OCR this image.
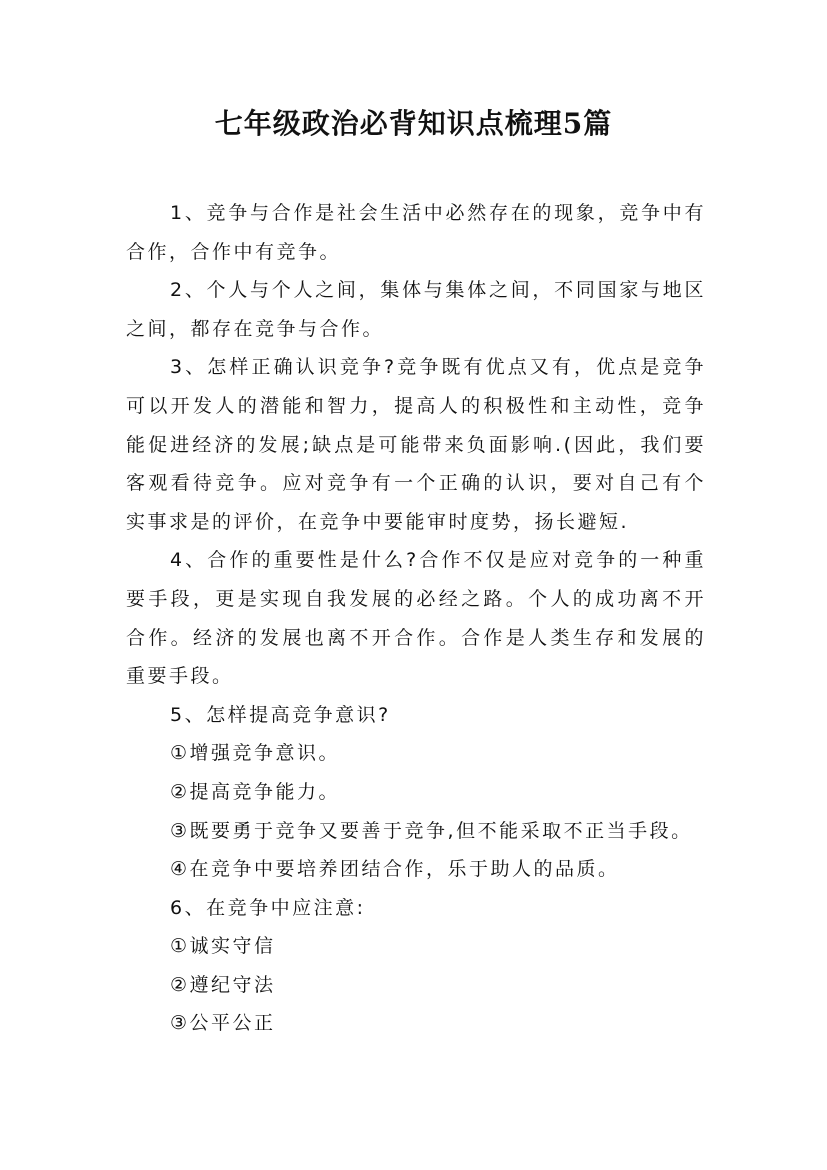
七年级政治必背知识点梳理5篇

1、竞争与合作是社会生活中必然存在的现象，竞争中有合作，合作中有竞争。

2、个人与个人之间，集体与集体之间，不同国家与地区之间，都存在竞争与合作。

3、怎样正确认识竞争?竞争既有优点又有，优点是竞争可以开发人的潜能和智力，提高人的积极性和主动性，竞争能促进经济的发展;缺点是可能带来负面影响.(因此，我们要客观看待竞争。应对竞争有一个正确的认识，要对自己有个实事求是的评价，在竞争中要能审时度势，扬长避短.

4、合作的重要性是什么?合作不仅是应对竞争的一种重要手段，更是实现自我发展的必经之路。个人的成功离不开合作。经济的发展也离不开合作。合作是人类生存和发展的重要手段。

5、怎样提高竞争意识?

①增强竞争意识。

②提高竞争能力。

③既要勇于竞争又要善于竞争,但不能采取不正当手段。

④在竞争中要培养团结合作，乐于助人的品质。

6、在竞争中应注意:

①诚实守信

②遵纪守法

③公平公正
